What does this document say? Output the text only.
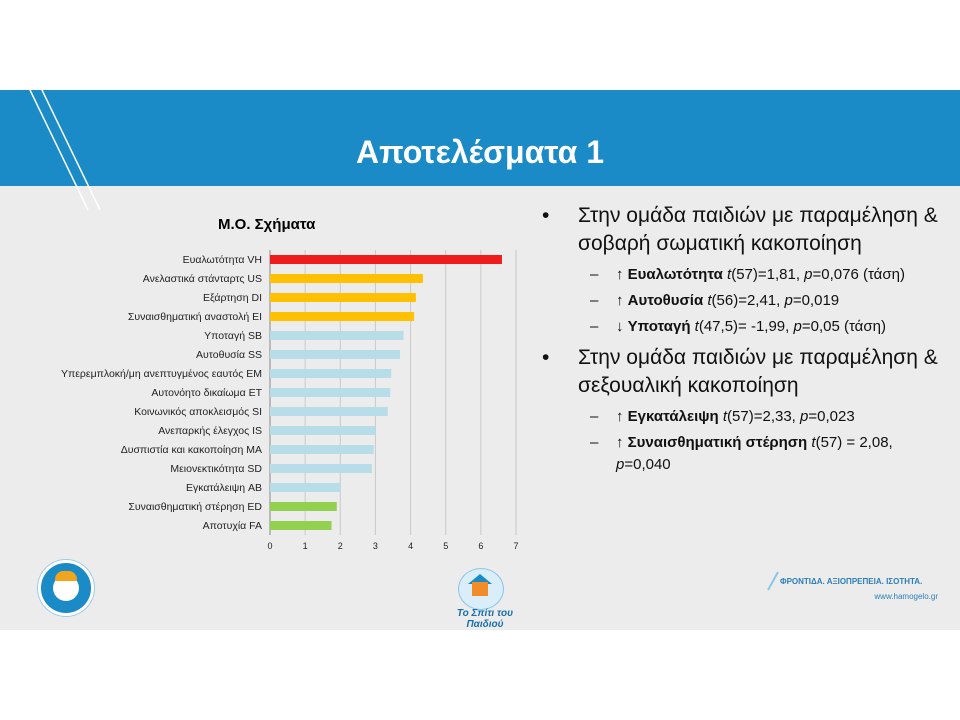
Αποτελέσματα 1
Μ.Ο. Σχήματα
0	1	2	3	4	5	6	7
Ευαλωτότητα VH
Ανελαστικά στάνταρτς US
Εξάρτηση DI
Συναισθηματική αναστολή EI
Υποταγή SB
Αυτοθυσία SS
Υπερεμπλοκή/μη ανεπτυγμένος εαυτός EM
Αυτονόητο δικαίωμα ET
Κοινωνικός αποκλεισμός SI
Ανεπαρκής έλεγχος IS
Δυσπιστία και κακοποίηση MA
Μειονεκτικότητα SD
Εγκατάλειψη AB
Συναισθηματική στέρηση ED
Αποτυχία FA
• Στην ομάδα παιδιών με παραμέληση & σοβαρή σωματική κακοποίηση
– ↑ Ευαλωτότητα t(57)=1,81, p=0,076 (τάση)
– ↑ Αυτοθυσία t(56)=2,41, p=0,019
– ↓ Υποταγή t(47,5)= -1,99, p=0,05 (τάση)
• Στην ομάδα παιδιών με παραμέληση & σεξουαλική κακοποίηση
– ↑ Εγκατάλειψη t(57)=2,33, p=0,023
– ↑ Συναισθηματική στέρηση t(57) = 2,08, p=0,040
Το Σπίτι του Παιδιού
ΦΡΟΝΤΙΔΑ. ΑΞΙΟΠΡΕΠΕΙΑ. ΙΣΟΤΗΤΑ.
www.hamogelo.gr
